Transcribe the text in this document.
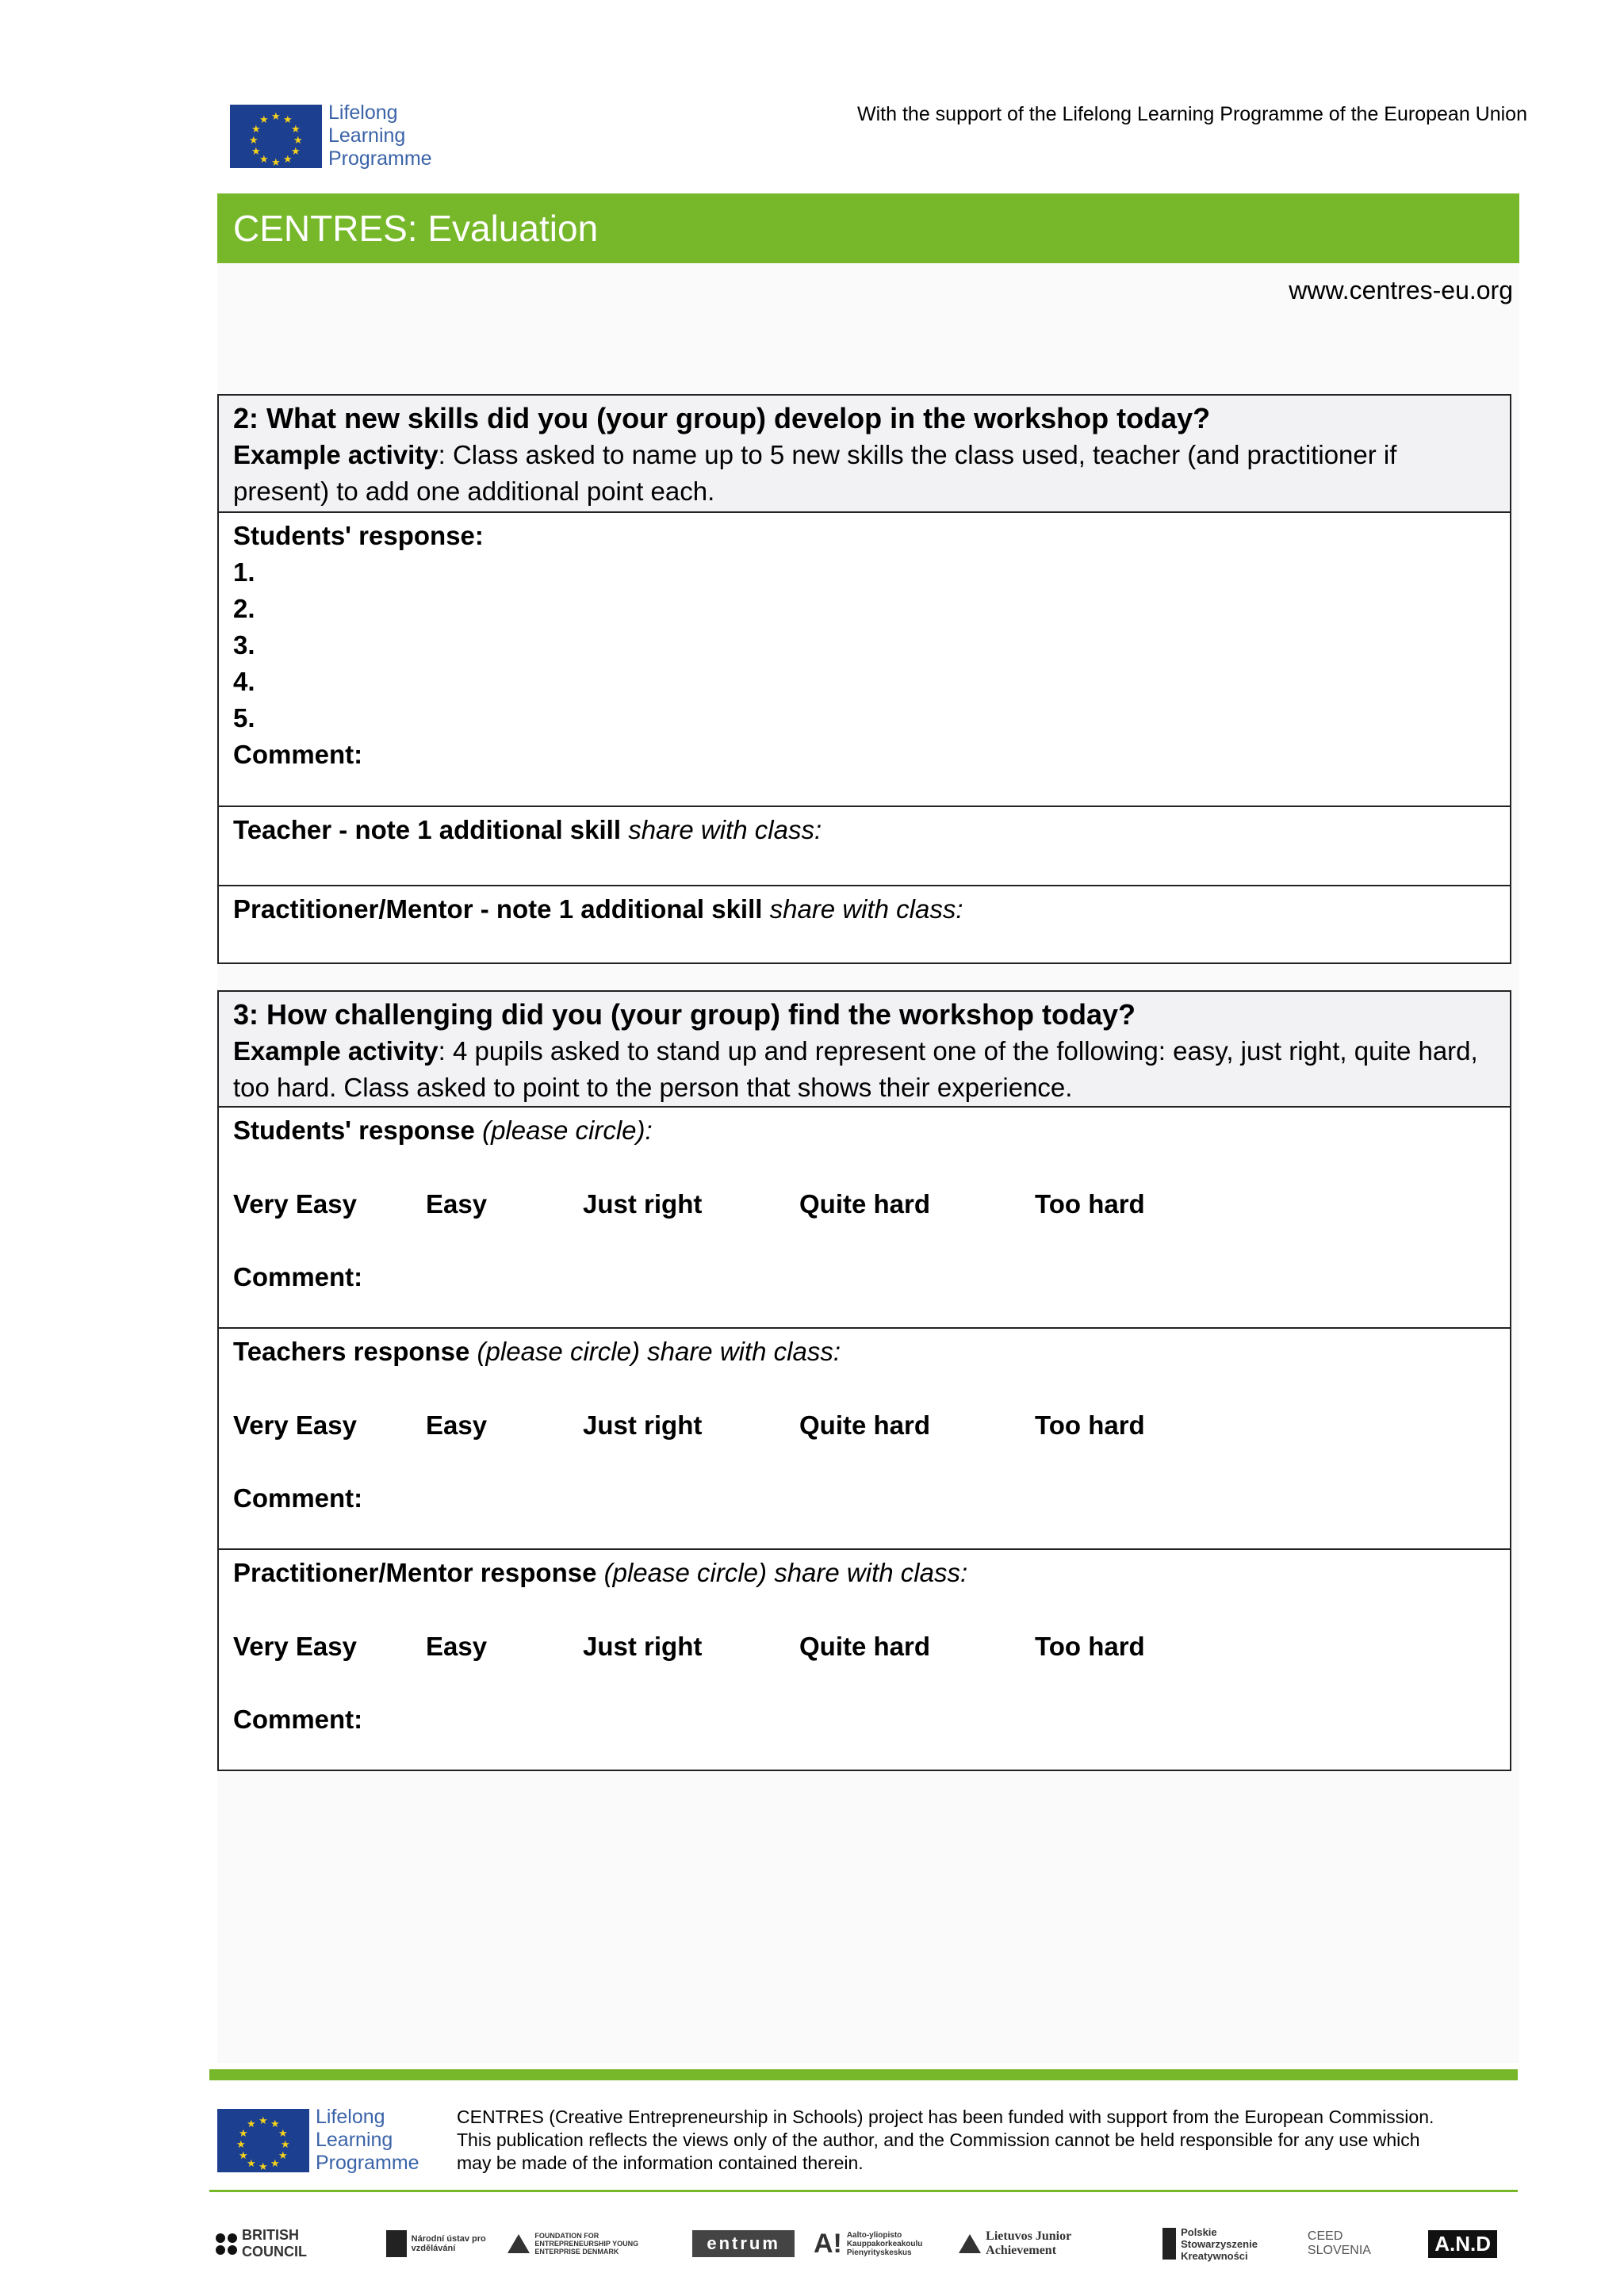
★ ★
★
★
★
★
★
★
★
★
★
★	Lifelong
Learning
Programme
With the support of the Lifelong Learning Programme of the European Union
CENTRES: Evaluation
www.centres-eu.org
2: What new skills did you (your group) develop in the workshop today?
Example activity: Class asked to name up to 5 new skills the class used, teacher (and practitioner if present) to add one additional point each.
Students' response:
1.
2.
3.
4.
5.
Comment:
Teacher - note 1 additional skill share with class:
Practitioner/Mentor - note 1 additional skill share with class:
3: How challenging did you (your group) find the workshop today?
Example activity: 4 pupils asked to stand up and represent one of the following: easy, just right, quite hard, too hard. Class asked to point to the person that shows their experience.
Students' response (please circle):
Very Easy	Easy	Just right	Quite hard	Too hard
Comment:
Teachers response (please circle) share with class:
Very Easy	Easy	Just right	Quite hard	Too hard
Comment:
Practitioner/Mentor response (please circle) share with class:
Very Easy	Easy	Just right	Quite hard	Too hard
Comment:
★ ★
★
★
★
★
★
★
★
★
★
★	Lifelong
Learning
Programme
CENTRES (Creative Entrepreneurship in Schools) project has been funded with support from the European Commission.
This publication reflects the views only of the author, and the Commission cannot be held responsible for any use which
may be made of the information contained therein.
BRITISH COUNCIL
Národní ústav pro vzdělávání
FOUNDATION FOR ENTREPRENEURSHIP YOUNG ENTERPRISE DENMARK	entrum A! Aalto-yliopisto Kauppakorkeakoulu Pienyrityskeskus
Lietuvos Junior Achievement
Polskie Stowarzyszenie Kreatywności
CEED SLOVENIA	A.N.D
